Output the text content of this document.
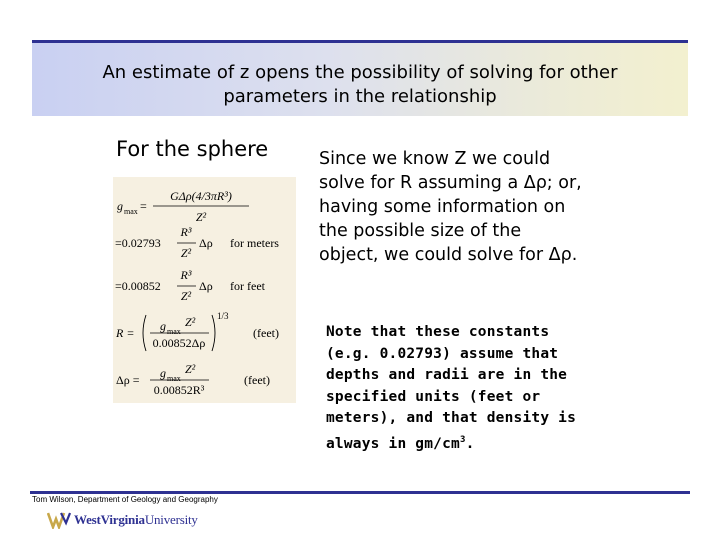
An estimate of z opens the possibility of solving for other
parameters in the relationship
For the sphere
g max =
GΔρ(4/3πR³)
Z²
=0.02793
R³
Z²
Δρ for meters
=0.00852
R³
Z²
Δρ for feet
R = g max
Z²
0.00852Δρ
1/3
(feet)
Δρ = g max
Z²
0.00852R³
(feet)
Since we know Z we could
solve for R assuming a Δρ; or,
having some information on
the possible size of the
object, we could solve for Δρ.
Note that these constants
(e.g. 0.02793) assume that
depths and radii are in the
specified units (feet or
meters), and that density is
always in $gm/cm^3$.
Tom Wilson, Department of Geology and Geography
WestVirginiaUniversity
